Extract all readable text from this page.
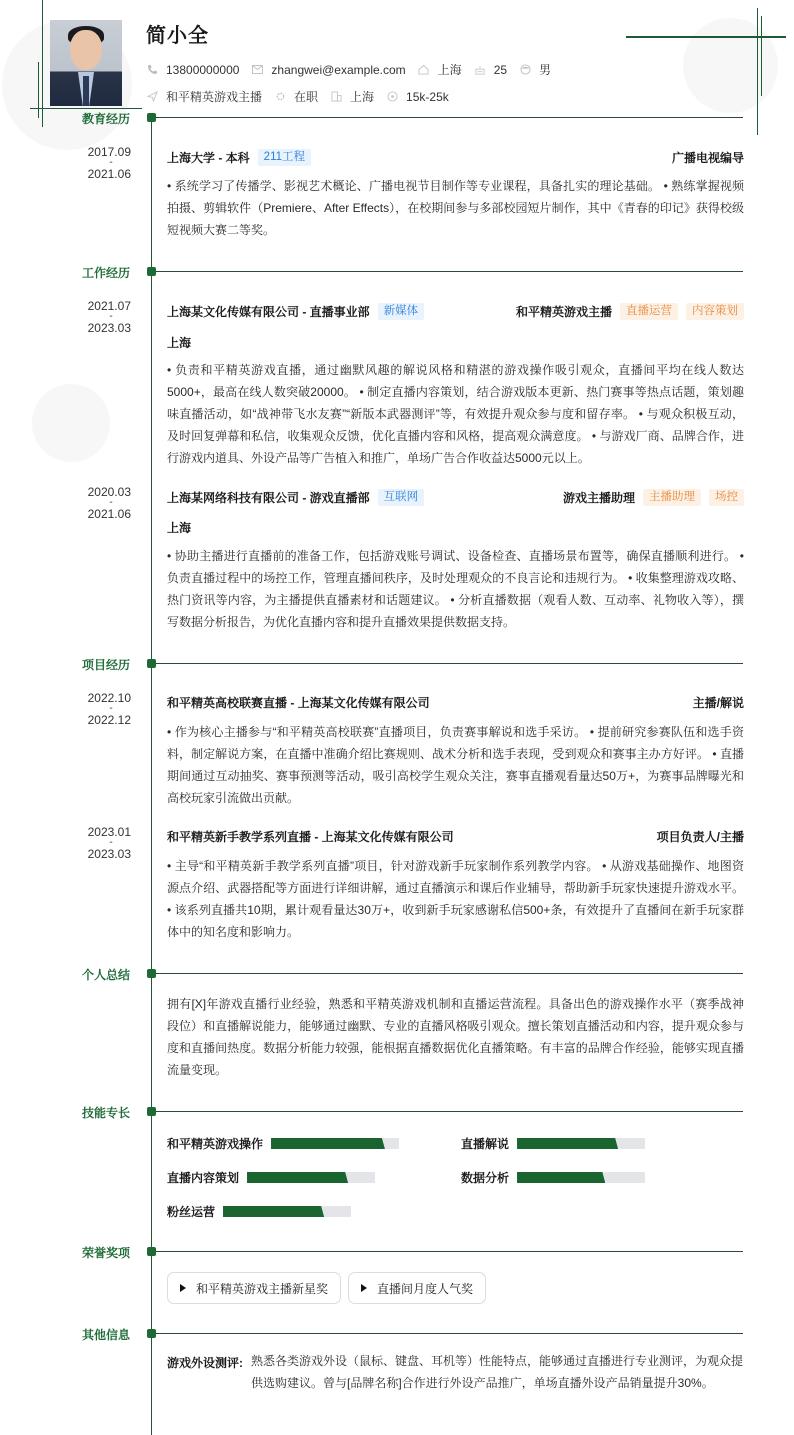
简小全
13800000000	zhangwei@example.com	上海	25	男
和平精英游戏主播	在职	上海	15k-25k
教育经历
2017.09
-
2021.06
上海大学 - 本科	211工程	广播电视编导
• 系统学习了传播学、影视艺术概论、广播电视节目制作等专业课程，具备扎实的理论基础。 • 熟练掌握视频拍摄、剪辑软件（Premiere、After Effects），在校期间参与多部校园短片制作，其中《青春的印记》获得校级短视频大赛二等奖。
工作经历
2021.07
-
2023.03
上海某文化传媒有限公司 - 直播事业部	新媒体	和平精英游戏主播	直播运营	内容策划
上海
• 负责和平精英游戏直播，通过幽默风趣的解说风格和精湛的游戏操作吸引观众，直播间平均在线人数达5000+，最高在线人数突破20000。 • 制定直播内容策划，结合游戏版本更新、热门赛事等热点话题，策划趣味直播活动，如“战神带飞水友赛”“新版本武器测评”等，有效提升观众参与度和留存率。 • 与观众积极互动，及时回复弹幕和私信，收集观众反馈，优化直播内容和风格，提高观众满意度。 • 与游戏厂商、品牌合作，进行游戏内道具、外设产品等广告植入和推广，单场广告合作收益达5000元以上。
2020.03
-
2021.06
上海某网络科技有限公司 - 游戏直播部	互联网	游戏主播助理	主播助理	场控
上海
• 协助主播进行直播前的准备工作，包括游戏账号调试、设备检查、直播场景布置等，确保直播顺利进行。 • 负责直播过程中的场控工作，管理直播间秩序，及时处理观众的不良言论和违规行为。 • 收集整理游戏攻略、热门资讯等内容，为主播提供直播素材和话题建议。 • 分析直播数据（观看人数、互动率、礼物收入等），撰写数据分析报告，为优化直播内容和提升直播效果提供数据支持。
项目经历
2022.10
-
2022.12
和平精英高校联赛直播 - 上海某文化传媒有限公司	主播/解说
• 作为核心主播参与“和平精英高校联赛”直播项目，负责赛事解说和选手采访。 • 提前研究参赛队伍和选手资料，制定解说方案，在直播中准确介绍比赛规则、战术分析和选手表现，受到观众和赛事主办方好评。 • 直播期间通过互动抽奖、赛事预测等活动，吸引高校学生观众关注，赛事直播观看量达50万+，为赛事品牌曝光和高校玩家引流做出贡献。
2023.01
-
2023.03
和平精英新手教学系列直播 - 上海某文化传媒有限公司	项目负责人/主播
• 主导“和平精英新手教学系列直播”项目，针对游戏新手玩家制作系列教学内容。 • 从游戏基础操作、地图资源点介绍、武器搭配等方面进行详细讲解，通过直播演示和课后作业辅导，帮助新手玩家快速提升游戏水平。 • 该系列直播共10期，累计观看量达30万+，收到新手玩家感谢私信500+条，有效提升了直播间在新手玩家群体中的知名度和影响力。
个人总结
拥有[X]年游戏直播行业经验，熟悉和平精英游戏机制和直播运营流程。具备出色的游戏操作水平（赛季战神段位）和直播解说能力，能够通过幽默、专业的直播风格吸引观众。擅长策划直播活动和内容，提升观众参与度和直播间热度。数据分析能力较强，能根据直播数据优化直播策略。有丰富的品牌合作经验，能够实现直播流量变现。
技能专长
和平精英游戏操作	直播解说
直播内容策划	数据分析
粉丝运营
荣誉奖项
和平精英游戏主播新星奖	直播间月度人气奖
其他信息
游戏外设测评: 熟悉各类游戏外设（鼠标、键盘、耳机等）性能特点，能够通过直播进行专业测评，为观众提供选购建议。曾与[品牌名称]合作进行外设产品推广，单场直播外设产品销量提升30%。
